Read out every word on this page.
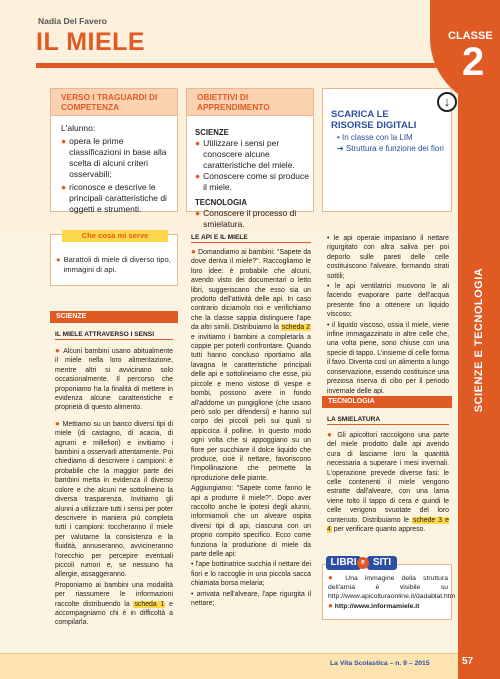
CLASSE
2
SCIENZE E TECNOLOGIA
Nadia Del Favero
IL MIELE
VERSO I TRAGUARDI DI COMPETENZA
L'alunno:
● opera le prime classificazioni in base alla scelta di alcuni criteri osservabili;
● riconosce e descrive le principali caratteristiche di oggetti e strumenti.
OBIETTIVI DI APPRENDIMENTO
SCIENZE
● Utilizzare i sensi per conoscere alcune caratteristiche del miele.
● Conoscere come si produce il miele.
TECNOLOGIA
● Conoscere il processo di smielatura.
SCARICA LE RISORSE DIGITALI
• In classe con la LIM
➔ Struttura e funzione dei fiori
↓
Che cosa mi serve
● Barattoli di miele di diverso tipo, immagini di api.
SCIENZE
IL MIELE ATTRAVERSO I SENSI

● Alcuni bambini usano abitualmente il miele nella loro alimentazione, mentre altri si avvicinano solo occasionalmente. Il percorso che proponiamo ha la finalità di mettere in evidenza alcune caratteristiche e proprietà di questo alimento.

● Mettiamo su un banco diversi tipi di miele (di castagno, di acacia, di agrumi e millefiori) e invitiamo i bambini a osservarli attentamente. Poi chiediamo di descrivere i campioni: è probabile che la maggior parte dei bambini metta in evidenza il diverso colore e che alcuni ne sottolineino la diversa trasparenza. Invitiamo gli alunni a utilizzare tutti i sensi per poter descrivere in maniera più completa tutti i campioni: toccheranno il miele per valutarne la consistenza e la fluidità, annuseranno, avvicineranno l'orecchio per percepire eventuali piccoli rumori e, se nessuno ha allergie, assaggeranno.

Proponiamo ai bambini una modalità per riassumere le informazioni raccolte distribuendo la scheda 1 e accompagniamo chi è in difficoltà a compilarla.

LE API E IL MIELE

● Domandiamo ai bambini: "Sapete da dove deriva il miele?". Raccogliamo le loro idee: è probabile che alcuni, avendo visto dei documentari o letto libri, suggeriscano che esso sia un prodotto dell'attività delle api. In caso contrario diciamolo noi e verifichiamo che la classe sappia distinguere l'ape da altri simili. Distribuiamo la scheda 2 e invitiamo i bambini a completarla a coppie per poterli confrontare. Quando tutti hanno concluso riportiamo alla lavagna le caratteristiche principali delle api e sottolineiamo che esse, più piccole e meno vistose di vespe e bombi, possono avere in fondo all'addome un pungiglione (che usano però solo per difendersi) e hanno sul corpo dei piccoli peli sui quali si appiccica il polline. In questo modo ogni volta che si appoggiano su un fiore per succhiare il dolce liquido che produce, cioè il nettare, favoriscono l'impollinazione che permette la riproduzione delle piante.

Aggiungiamo: "Sapete come fanno le api a produrre il miele?". Dopo aver raccolto anche le ipotesi degli alunni, informiamoli che un alveare ospita diversi tipi di api, ciascuna con un proprio compito specifico. Ecco come funziona la produzione di miele da parte delle api:

• l'ape bottinatrice succhia il nettare dei fiori e lo raccoglie in una piccola sacca chiamata borsa melaria;

• arrivata nell'alveare, l'ape rigurgita il nettare;

• le api operaie impastano il nettare rigurgitato con altra saliva per poi deporlo sulle pareti delle celle costituiscono l'alveare, formando strati sottili;

• le api ventilatrici muovono le ali facendo evaporare parte dell'acqua presente fino a ottenere un liquido viscoso;

• il liquido viscoso, ossia il miele, viene infine immagazzinato in altre celle che, una volta piene, sono chiuse con una specie di tappo. L'insieme di celle forma il favo. Diventa così un alimento a lungo conservazione, essendo costituisce una preziosa riserva di cibo per il periodo invernale delle api.

TECNOLOGIA
LA SMIELATURA

● Gli apicoltori raccolgono una parte del miele prodotto dalle api avendo cura di lasciarne loro la quantità necessaria a superare i mesi invernali. L'operazione prevede diverse fasi: le celle contenenti il miele vengono estratte dall'alveare, con una lama viene tolto il tappo di cera e quindi le celle vengono svuotate del loro contenuto. Distribuiamo le schede 3 e 4 per verificare quanto appreso.

LIBRI	SITI
e

● Una immagine della struttura dell'arnia è visibile su http://www.apicolturaonline.it/dadablat.htm

● http://www.informamiele.it

La Vita Scolastica – n. 9 – 2015	57
